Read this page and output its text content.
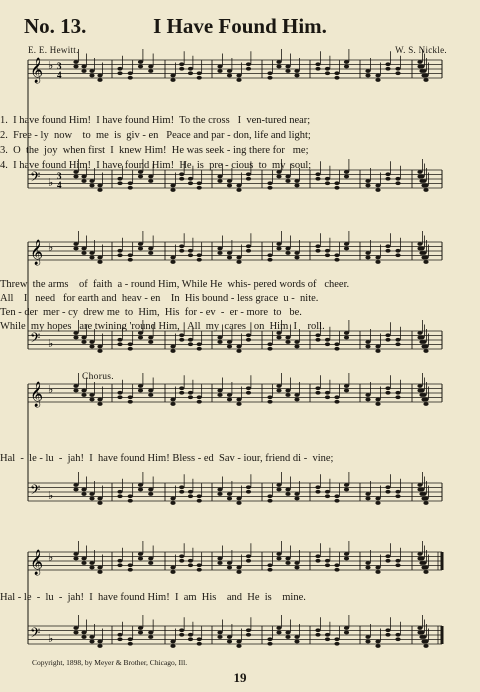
No. 13.	I Have Found Him.
E. E. Hewitt.	W. S. Nickle.
𝄞
𝄢
♭
♭
3
4
3
4
𝄞
𝄢
♭
♭
𝄞
𝄢
♭
♭
𝄞
𝄢
♭
♭
1.  I have found Him!  I have found Him!  To the cross   I  ven-tured near;
2.  Free - ly  now    to  me  is  giv - en   Peace and par - don, life and light;
3.  O  the  joy  when first  I  knew Him!  He was seek - ing there for   me;
4.  I have found Him!  I have found Him!  He  is  pre - cious  to  my  soul;
Threw  the arms    of  faith  a - round Him, While He  whis- pered words of   cheer.
All    I   need   for earth and  heav - en    In  His bound - less grace  u -  nite.
Ten - der  mer - cy  drew me  to  Him,  His  for - ev  -  er - more  to   be.
While  my hopes   are twining 'round Him,   All  my  cares   on  Him  I    roll.
Chorus.
Hal  -  le - lu  -  jah!  I  have found Him! Bless - ed  Sav - iour, friend di -  vine;
Hal - le  -  lu  -  jah!  I  have found Him!  I  am  His    and  He  is    mine.
Copyright, 1898, by Meyer & Brother, Chicago, Ill.
19
